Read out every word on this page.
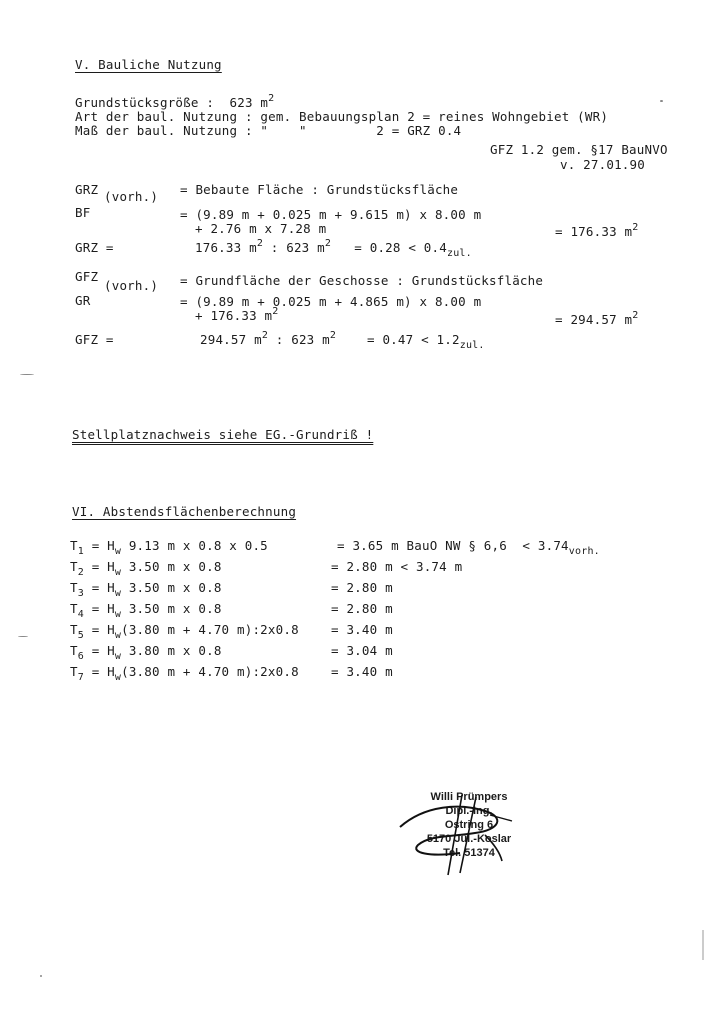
V. Bauliche Nutzung
Grundstücksgröße : 623 $m^2$
Art der baul. Nutzung : gem. Bebauungsplan 2 = reines Wohngebiet (WR)
Maß der baul. Nutzung : "    "         2 = GRZ 0.4
GFZ 1.2 gem. §17 BauNVO
v. 27.01.90
GRZ (vorh.) = Bebaute Fläche : Grundstücksfläche
BF	= (9.89 m + 0.025 m + 9.615 m) x 8.00 m
+ 2.76 m x 7.28 m	= 176.33 $m^2$
GRZ =	176.33 $m^2$ : 623 $m^2 = 0.28 < 0.4_{zul.}$
GFZ
(vorh.) = Grundfläche der Geschosse : Grundstücksfläche
GR	= (9.89 m + 0.025 m + 4.865 m) x 8.00 m
+ 176.33 $m^2$
= 294.57 $m^2$
GFZ =	294.57 $m^2$ : 623 $m^2$    = $0.47 < 1.2_{zul.}$
Stellplatznachweis siehe EG.-Grundriß !
VI. Abstendsflächenberechnung
$T_1 = H_w$ 9.13 m x 0.8 x 0.5	= 3.65 m BauO NW § $6,6 < 3.74_{vorh.}$
$T_2 = H_w$ 3.50 m x 0.8	= 2.80 m < 3.74 m
$T_3 = H_w$ 3.50 m x 0.8	= 2.80 m
$T_4 = H_w$ 3.50 m x 0.8	= 2.80 m
$T_5 = H_w(3.80$ m + 4.70 m):2x0.8	= 3.40 m
$T_6 = H_w$ 3.80 m x 0.8	= 3.04 m
$T_7 = H_w(3.80$ m + 4.70 m):2x0.8	= 3.40 m
Willi Prümpers
Dipl.-Ing.
Ostring 6
5170 Jül.-Koslar
Tel. 51374
